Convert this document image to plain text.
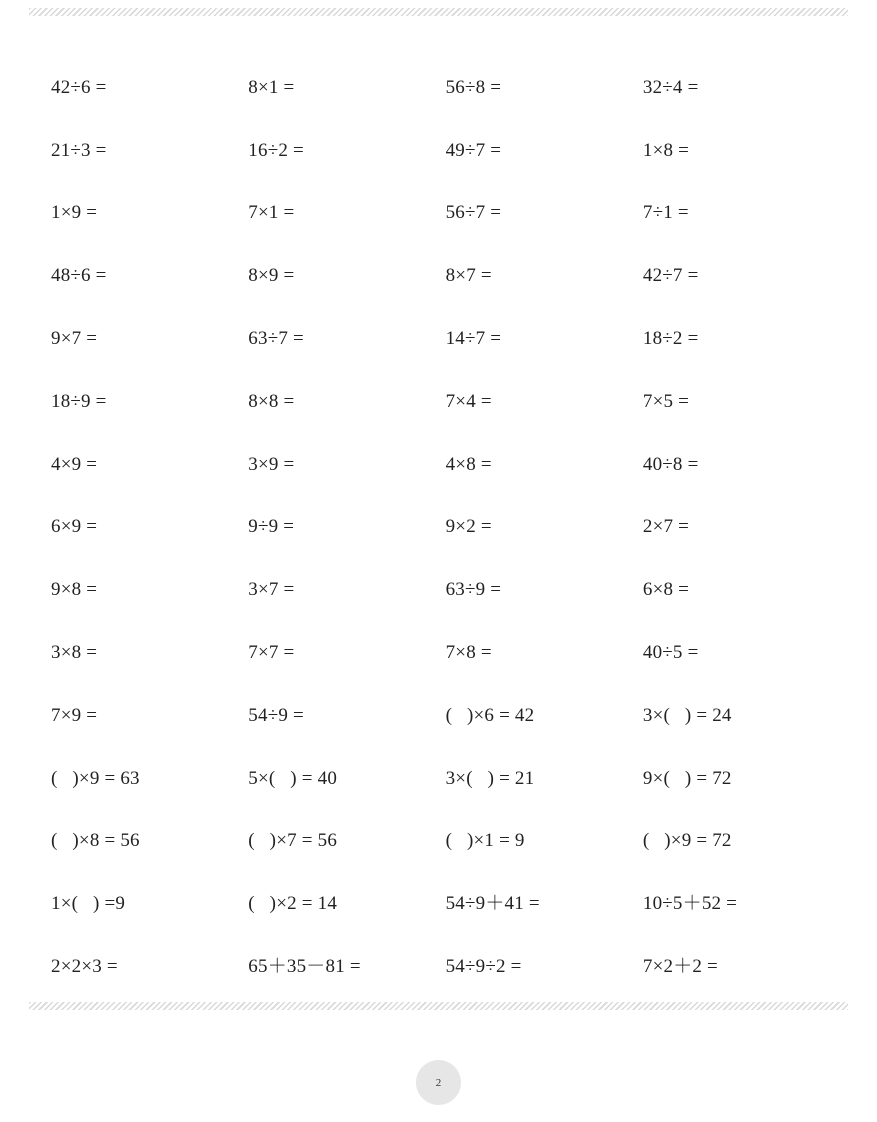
42÷6 =	8×1 =	56÷8 =	32÷4 =
21÷3 =	16÷2 =	49÷7 =	1×8 =
1×9 =	7×1 =	56÷7 =	7÷1 =
48÷6 =	8×9 =	8×7 =	42÷7 =
9×7 =	63÷7 =	14÷7 =	18÷2 =
18÷9 =	8×8 =	7×4 =	7×5 =
4×9 =	3×9 =	4×8 =	40÷8 =
6×9 =	9÷9 =	9×2 =	2×7 =
9×8 =	3×7 =	63÷9 =	6×8 =
3×8 =	7×7 =	7×8 =	40÷5 =
7×9 =	54÷9 =	(   )×6 = 42	3×(   ) = 24
(   )×9 = 63	5×(   ) = 40	3×(   ) = 21	9×(   ) = 72
(   )×8 = 56	(   )×7 = 56	(   )×1 = 9	(   )×9 = 72
1×(   ) =9	(   )×2 = 14	54÷9＋41 =	10÷5＋52 =
2×2×3 =	65＋35－81 =	54÷9÷2 =	7×2＋2 =
2
